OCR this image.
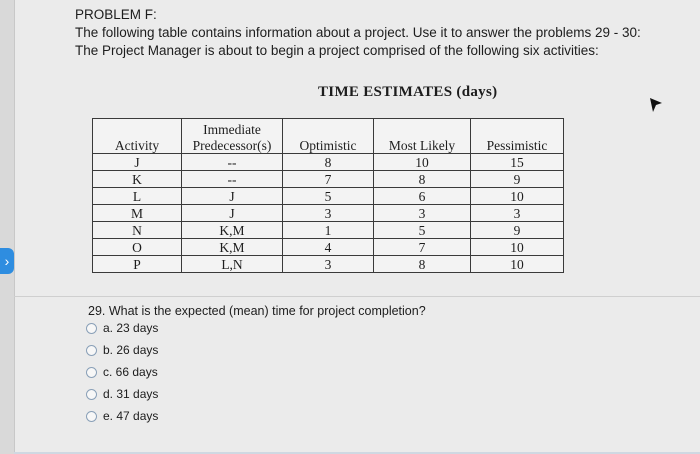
›
PROBLEM F:
The following table contains information about a project. Use it to answer the problems 29 - 30:
The Project Manager is about to begin a project comprised of the following six activities:
TIME ESTIMATES (days)
	Immediate			
Activity	Predecessor(s)	Optimistic	Most Likely	Pessimistic
J	--	8	10	15
K	--	7	8	9
L	J	5	6	10
M	J	3	3	3
N	K,M	1	5	9
O	K,M	4	7	10
P	L,N	3	8	10
29. What is the expected (mean) time for project completion?
a. 23 days
b. 26 days
c. 66 days
d. 31 days
e. 47 days
